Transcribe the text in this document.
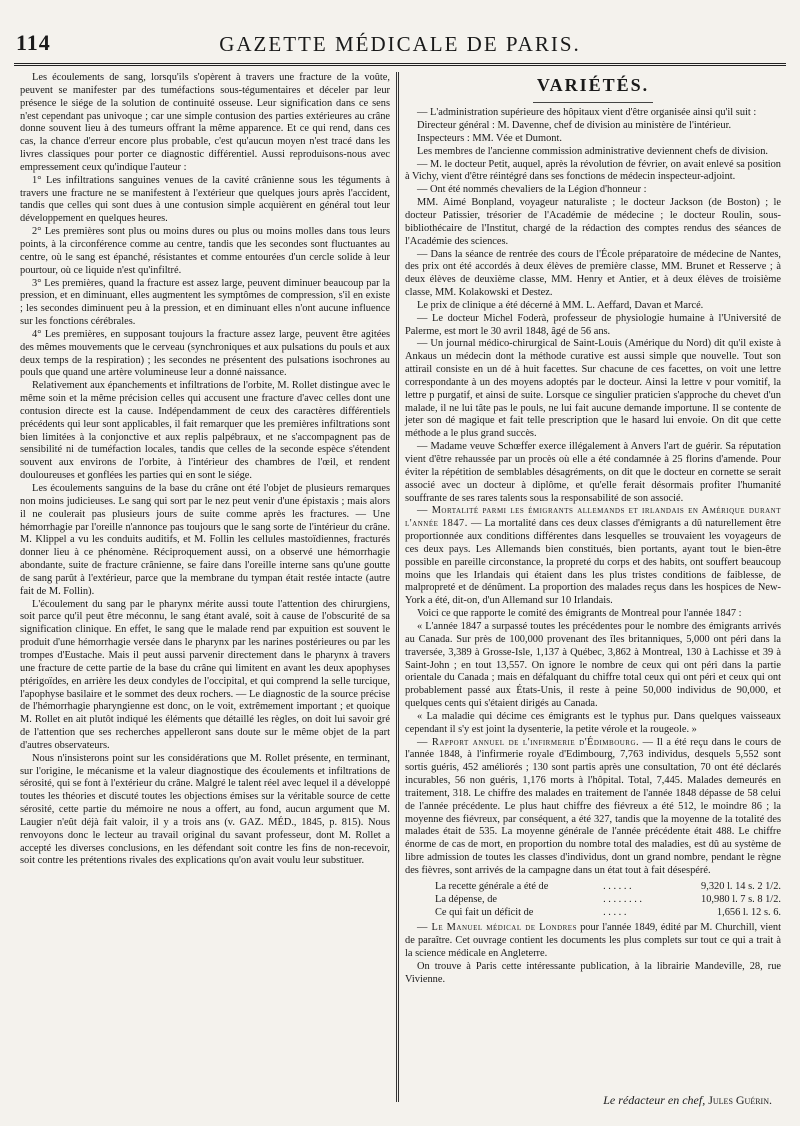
114	GAZETTE MÉDICALE DE PARIS.

Les écoulements de sang, lorsqu'ils s'opèrent à travers une fracture de la voûte, peuvent se manifester par des tuméfactions sous-tégumentaires et déceler par leur présence le siége de la solution de continuité osseuse. Leur signification dans ce sens n'est cependant pas univoque ; car une simple contusion des parties extérieures au crâne donne souvent lieu à des tumeurs offrant la même apparence. Et ce qui rend, dans ces cas, la chance d'erreur encore plus probable, c'est qu'aucun moyen n'est tracé dans les livres classiques pour porter ce diagnostic différentiel. Aussi reproduisons-nous avec empressement ceux qu'indique l'auteur :

1° Les infiltrations sanguines venues de la cavité crânienne sous les téguments à travers une fracture ne se manifestent à l'extérieur que quelques jours après l'accident, tandis que celles qui sont dues à une contusion simple acquièrent en général tout leur développement en quelques heures.

2° Les premières sont plus ou moins dures ou plus ou moins molles dans tous leurs points, à la circonférence comme au centre, tandis que les secondes sont fluctuantes au centre, où le sang est épanché, résistantes et comme entourées d'un cercle solide à leur pourtour, où ce liquide n'est qu'infiltré.

3° Les premières, quand la fracture est assez large, peuvent diminuer beaucoup par la pression, et en diminuant, elles augmentent les symptômes de compression, s'il en existe ; les secondes diminuent peu à la pression, et en diminuant elles n'ont aucune influence sur les fonctions cérébrales.

4° Les premières, en supposant toujours la fracture assez large, peuvent être agitées des mêmes mouvements que le cerveau (synchroniques et aux pulsations du pouls et aux deux temps de la respiration) ; les secondes ne présentent des pulsations isochrones au pouls que quand une artère volumineuse leur a donné naissance.

Relativement aux épanchements et infiltrations de l'orbite, M. Rollet distingue avec le même soin et la même précision celles qui accusent une fracture d'avec celles dont une contusion directe est la cause. Indépendamment de ceux des caractères différentiels précédents qui leur sont applicables, il fait remarquer que les premières infiltrations sont bien limitées à la conjonctive et aux replis palpébraux, et ne s'accompagnent pas de sensibilité ni de tuméfaction locales, tandis que celles de la seconde espèce s'étendent souvent aux environs de l'orbite, à l'intérieur des chambres de l'œil, et rendent douloureuses et gonflées les parties qui en sont le siége.

Les écoulements sanguins de la base du crâne ont été l'objet de plusieurs remarques non moins judicieuses. Le sang qui sort par le nez peut venir d'une épistaxis ; mais alors il ne coulerait pas plusieurs jours de suite comme après les fractures. — Une hémorrhagie par l'oreille n'annonce pas toujours que le sang sorte de l'intérieur du crâne. M. Klippel a vu les conduits auditifs, et M. Follin les cellules mastoïdiennes, fracturés donner lieu à ce phénomène. Réciproquement aussi, on a observé une hémorrhagie abondante, suite de fracture crânienne, se faire dans l'oreille interne sans qu'une goutte de sang parût à l'extérieur, parce que la membrane du tympan était restée intacte (autre fait de M. Follin).

L'écoulement du sang par le pharynx mérite aussi toute l'attention des chirurgiens, soit parce qu'il peut être méconnu, le sang étant avalé, soit à cause de l'obscurité de sa signification clinique. En effet, le sang que le malade rend par expuition est souvent le produit d'une hémorrhagie versée dans le pharynx par les narines postérieures ou par les trompes d'Eustache. Mais il peut aussi parvenir directement dans le pharynx à travers une fracture de cette partie de la base du crâne qui limitent en avant les deux apophyses ptérigoïdes, en arrière les deux condyles de l'occipital, et qui comprend la selle turcique, l'apophyse basilaire et le sommet des deux rochers. — Le diagnostic de la source précise de l'hémorrhagie pharyngienne est donc, on le voit, extrêmement important ; et quoique M. Rollet en ait plutôt indiqué les éléments que détaillé les règles, on doit lui savoir gré de l'attention que ses recherches appelleront sans doute sur le même objet de la part d'autres observateurs.

Nous n'insisterons point sur les considérations que M. Rollet présente, en terminant, sur l'origine, le mécanisme et la valeur diagnostique des écoulements et infiltrations de sérosité, qui se font à l'extérieur du crâne. Malgré le talent réel avec lequel il a développé toutes les théories et discuté toutes les objections émises sur la véritable source de cette sérosité, cette partie du mémoire ne nous a offert, au fond, aucun argument que M. Laugier n'eût déjà fait valoir, il y a trois ans (v. GAZ. MÉD., 1845, p. 815). Nous renvoyons donc le lecteur au travail original du savant professeur, dont M. Rollet a accepté les diverses conclusions, en les défendant soit contre les fins de non-recevoir, soit contre les prétentions rivales des explications qu'on avait voulu leur substituer.

VARIÉTÉS.

— L'administration supérieure des hôpitaux vient d'être organisée ainsi qu'il suit :

Directeur général : M. Davenne, chef de division au ministère de l'intérieur.

Inspecteurs : MM. Vée et Dumont.

Les membres de l'ancienne commission administrative deviennent chefs de division.

— M. le docteur Petit, auquel, après la révolution de février, on avait enlevé sa position à Vichy, vient d'être réintégré dans ses fonctions de médecin inspecteur-adjoint.

— Ont été nommés chevaliers de la Légion d'honneur :

MM. Aimé Bonpland, voyageur naturaliste ; le docteur Jackson (de Boston) ; le docteur Patissier, trésorier de l'Académie de médecine ; le docteur Roulin, sous-bibliothécaire de l'Institut, chargé de la rédaction des comptes rendus des séances de l'Académie des sciences.

— Dans la séance de rentrée des cours de l'École préparatoire de médecine de Nantes, des prix ont été accordés à deux élèves de première classe, MM. Brunet et Resserve ; à deux élèves de deuxième classe, MM. Henry et Antier, et à deux élèves de troisième classe, MM. Kolakowski et Destez.

Le prix de clinique a été décerné à MM. L. Aeffard, Davan et Marcé.

— Le docteur Michel Foderà, professeur de physiologie humaine à l'Université de Palerme, est mort le 30 avril 1848, âgé de 56 ans.

— Un journal médico-chirurgical de Saint-Louis (Amérique du Nord) dit qu'il existe à Ankaus un médecin dont la méthode curative est aussi simple que nouvelle. Tout son attirail consiste en un dé à huit facettes. Sur chacune de ces facettes, on voit une lettre correspondante à un des moyens adoptés par le docteur. Ainsi la lettre v pour vomitif, la lettre p purgatif, et ainsi de suite. Lorsque ce singulier praticien s'approche du chevet d'un malade, il ne lui tâte pas le pouls, ne lui fait aucune demande importune. Il se contente de jeter son dé magique et fait telle prescription que le hasard lui envoie. On dit que cette méthode a le plus grand succès.

— Madame veuve Schœffer exerce illégalement à Anvers l'art de guérir. Sa réputation vient d'être rehaussée par un procès où elle a été condamnée à 25 florins d'amende. Pour éviter la répétition de semblables désagréments, on dit que le docteur en cornette se serait associé avec un docteur à diplôme, et qu'elle ferait désormais profiter l'humanité souffrante de ses rares talents sous la responsabilité de son associé.

— Mortalité parmi les émigrants allemands et irlandais en Amérique durant l'année 1847. — La mortalité dans ces deux classes d'émigrants a dû naturellement être proportionnée aux conditions différentes dans lesquelles se trouvaient les voyageurs de ces deux pays. Les Allemands bien constitués, bien portants, ayant tout le bien-être possible en pareille circonstance, la propreté du corps et des habits, ont souffert beaucoup moins que les Irlandais qui étaient dans les plus tristes conditions de faiblesse, de malpropreté et de dénûment. La proportion des malades reçus dans les hospices de New-York a été, dit-on, d'un Allemand sur 10 Irlandais.

Voici ce que rapporte le comité des émigrants de Montreal pour l'année 1847 :

« L'année 1847 a surpassé toutes les précédentes pour le nombre des émigrants arrivés au Canada. Sur près de 100,000 provenant des îles britanniques, 5,000 ont péri dans la traversée, 3,389 à Grosse-Isle, 1,137 à Québec, 3,862 à Montreal, 130 à Lachisse et 39 à Saint-John ; en tout 13,557. On ignore le nombre de ceux qui ont péri dans la partie orientale du Canada ; mais en défalquant du chiffre total ceux qui ont péri et ceux qui ont probablement passé aux États-Unis, il reste à peine 50,000 individus de 90,000, et quelques cents qui s'étaient dirigés au Canada.

« La maladie qui décime ces émigrants est le typhus pur. Dans quelques vaisseaux cependant il s'y est joint la dysenterie, la petite vérole et la rougeole. »

— Rapport annuel de l'infirmerie d'Édimbourg. — Il a été reçu dans le cours de l'année 1848, à l'infirmerie royale d'Edimbourg, 7,763 individus, desquels 5,552 sont sortis guéris, 452 améliorés ; 130 sont partis après une consultation, 70 ont été déclarés incurables, 56 non guéris, 1,176 morts à l'hôpital. Total, 7,445. Malades demeurés en traitement, 318. Le chiffre des malades en traitement de l'année 1848 dépasse de 58 celui de l'année précédente. Le plus haut chiffre des fiévreux a été 512, le moindre 86 ; la moyenne des fiévreux, par conséquent, a été 327, tandis que la moyenne de la totalité des malades était de 535. La moyenne générale de l'année précédente était 488. Le chiffre énorme de cas de mort, en proportion du nombre total des maladies, est dû au système de libre admission de toutes les classes d'individus, dont un grand nombre, pendant le règne des fièvres, sont arrivés de la campagne dans un état tout à fait désespéré.

La recette générale a été de	. . . . . .	9,320 l. 14 s. 2 1/2.
La dépense, de	. . . . . . . .	10,980 l. 7 s. 8 1/2.
Ce qui fait un déficit de	. . . . .	1,656 l. 12 s. 6.

— Le Manuel médical de Londres pour l'année 1849, édité par M. Churchill, vient de paraître. Cet ouvrage contient les documents les plus complets sur tout ce qui a trait à la science médicale en Angleterre.

On trouve à Paris cette intéressante publication, à la librairie Mandeville, 28, rue Vivienne.

Le rédacteur en chef, Jules Guérin.
